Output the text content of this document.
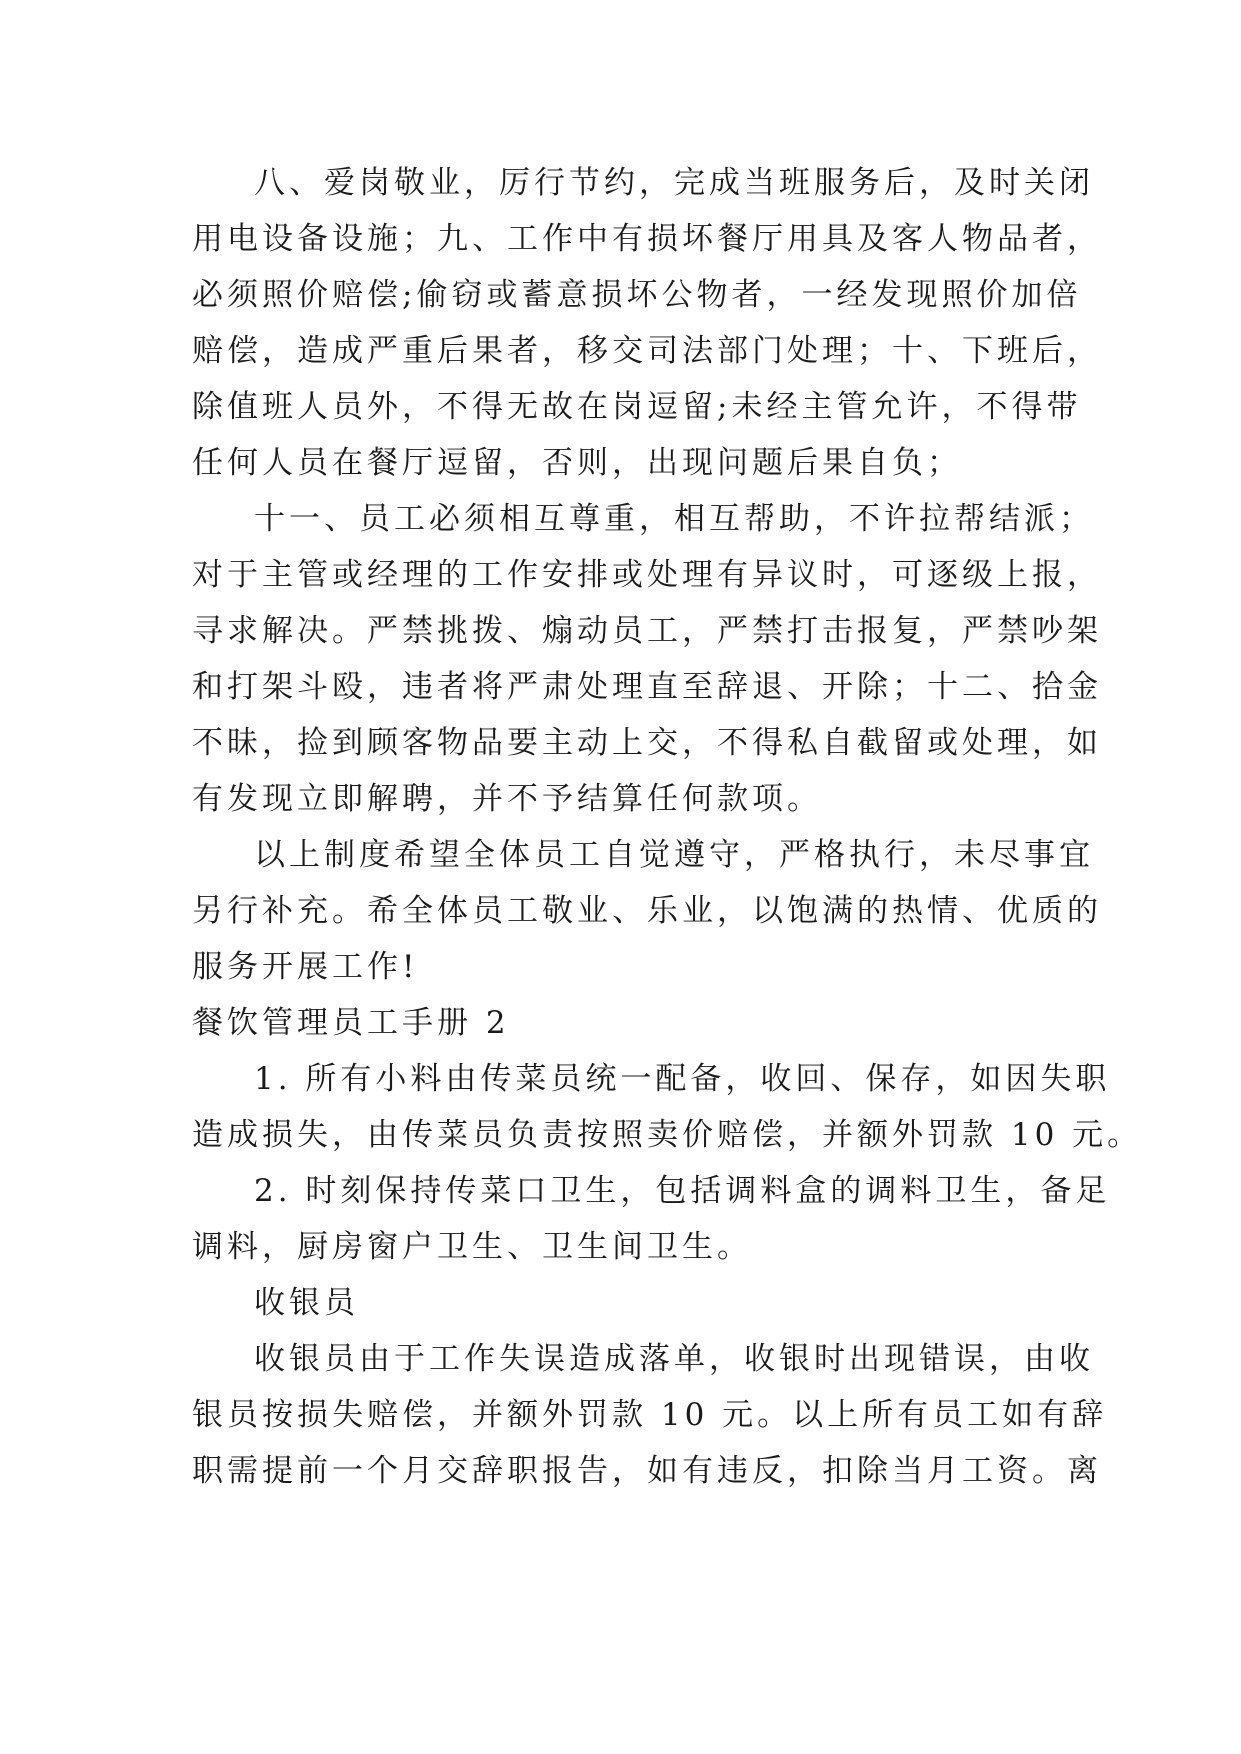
八、爱岗敬业，厉行节约，完成当班服务后，及时关闭
用电设备设施；九、工作中有损坏餐厅用具及客人物品者，
必须照价赔偿;偷窃或蓄意损坏公物者，一经发现照价加倍
赔偿，造成严重后果者，移交司法部门处理；十、下班后，
除值班人员外，不得无故在岗逗留;未经主管允许，不得带
任何人员在餐厅逗留，否则，出现问题后果自负；

十一、员工必须相互尊重，相互帮助，不许拉帮结派；
对于主管或经理的工作安排或处理有异议时，可逐级上报，
寻求解决。严禁挑拨、煽动员工，严禁打击报复，严禁吵架
和打架斗殴，违者将严肃处理直至辞退、开除；十二、拾金
不昧，捡到顾客物品要主动上交，不得私自截留或处理，如
有发现立即解聘，并不予结算任何款项。

以上制度希望全体员工自觉遵守，严格执行，未尽事宜
另行补充。希全体员工敬业、乐业，以饱满的热情、优质的
服务开展工作!

餐饮管理员工手册 2

1. 所有小料由传菜员统一配备，收回、保存，如因失职
造成损失，由传菜员负责按照卖价赔偿，并额外罚款 10 元。

2. 时刻保持传菜口卫生，包括调料盒的调料卫生，备足
调料，厨房窗户卫生、卫生间卫生。

收银员

收银员由于工作失误造成落单，收银时出现错误，由收
银员按损失赔偿，并额外罚款 10 元。以上所有员工如有辞
职需提前一个月交辞职报告，如有违反，扣除当月工资。离
